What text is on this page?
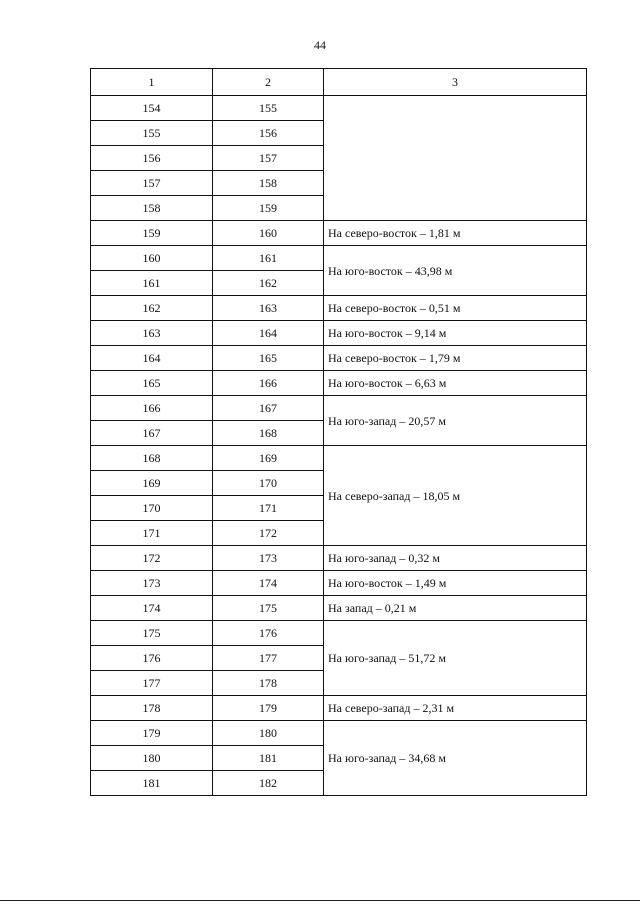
44
1	2	3
154	155	
155	156	
156	157	
157	158	
158	159	
159	160	На северо-восток – 1,81 м
160	161	На юго-восток – 43,98 м
161	162	
162	163	На северо-восток – 0,51 м
163	164	На юго-восток – 9,14 м
164	165	На северо-восток – 1,79 м
165	166	На юго-восток – 6,63 м
166	167	На юго-запад – 20,57 м
167	168	
168	169	На северо-запад – 18,05 м
169	170	
170	171	
171	172	
172	173	На юго-запад – 0,32 м
173	174	На юго-восток – 1,49 м
174	175	На запад – 0,21 м
175	176	На юго-запад – 51,72 м
176	177	
177	178	
178	179	На северо-запад – 2,31 м
179	180	На юго-запад – 34,68 м
180	181	
181	182	
